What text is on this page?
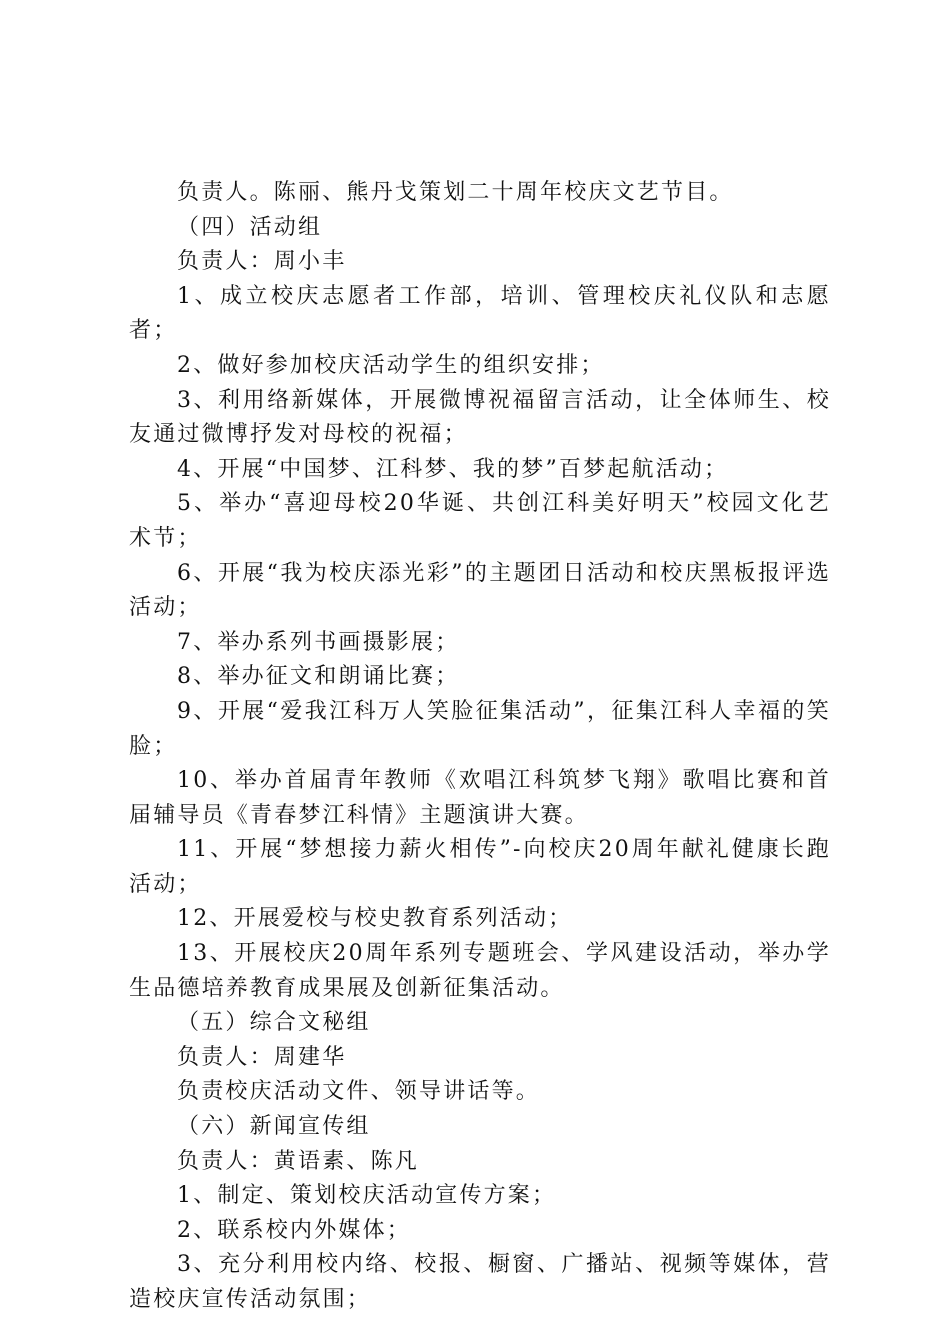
负责人。陈丽、熊丹戈策划二十周年校庆文艺节目。

（四）活动组

负责人：周小丰

1、成立校庆志愿者工作部，培训、管理校庆礼仪队和志愿者；

2、做好参加校庆活动学生的组织安排；

3、利用络新媒体，开展微博祝福留言活动，让全体师生、校友通过微博抒发对母校的祝福；

4、开展“中国梦、江科梦、我的梦”百梦起航活动；

5、举办“喜迎母校20华诞、共创江科美好明天”校园文化艺术节；

6、开展“我为校庆添光彩”的主题团日活动和校庆黑板报评选活动；

7、举办系列书画摄影展；

8、举办征文和朗诵比赛；

9、开展“爱我江科万人笑脸征集活动”，征集江科人幸福的笑脸；

10、举办首届青年教师《欢唱江科筑梦飞翔》歌唱比赛和首届辅导员《青春梦江科情》主题演讲大赛。

11、开展“梦想接力薪火相传”-向校庆20周年献礼健康长跑活动；

12、开展爱校与校史教育系列活动；

13、开展校庆20周年系列专题班会、学风建设活动，举办学生品德培养教育成果展及创新征集活动。

（五）综合文秘组

负责人：周建华

负责校庆活动文件、领导讲话等。

（六）新闻宣传组

负责人：黄语素、陈凡

1、制定、策划校庆活动宣传方案；

2、联系校内外媒体；

3、充分利用校内络、校报、橱窗、广播站、视频等媒体，营造校庆宣传活动氛围；
